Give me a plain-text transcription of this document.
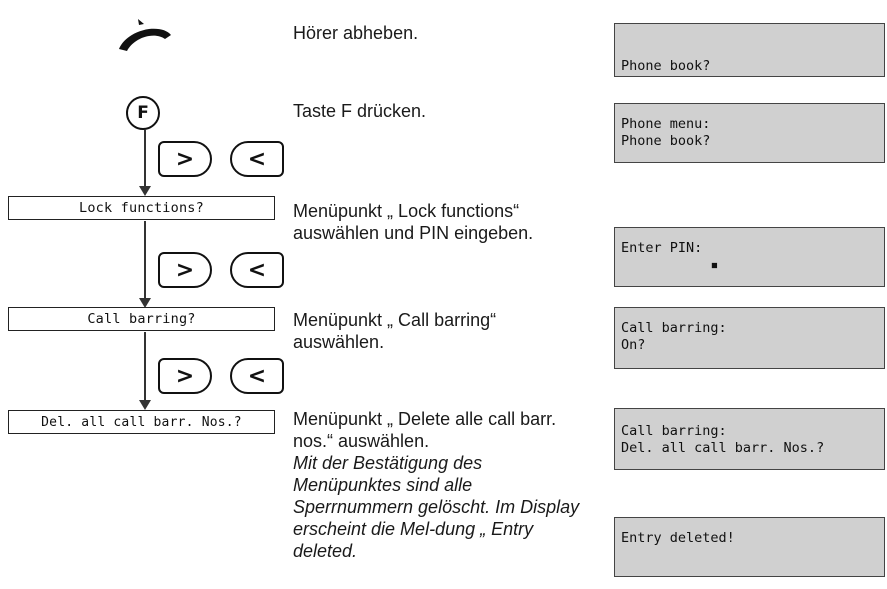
F
> <
> <
> <
Lock functions?
Call barring?
Del. all call barr. Nos.?
Hörer abheben.
Taste F drücken.
Menüpunkt „ Lock functions“ auswählen und PIN eingeben.
Menüpunkt „ Call barring“ auswählen.
Menüpunkt „ Delete alle call barr. nos.“ auswählen.
Mit der Bestätigung des Menüpunktes sind alle Sperrnummern gelöscht. Im Display erscheint die Mel-dung „ Entry deleted.
Phone book?
Phone menu:
Phone book?
Enter PIN:
▪
Call barring:
On?
Call barring:
Del. all call barr. Nos.?
Entry deleted!
